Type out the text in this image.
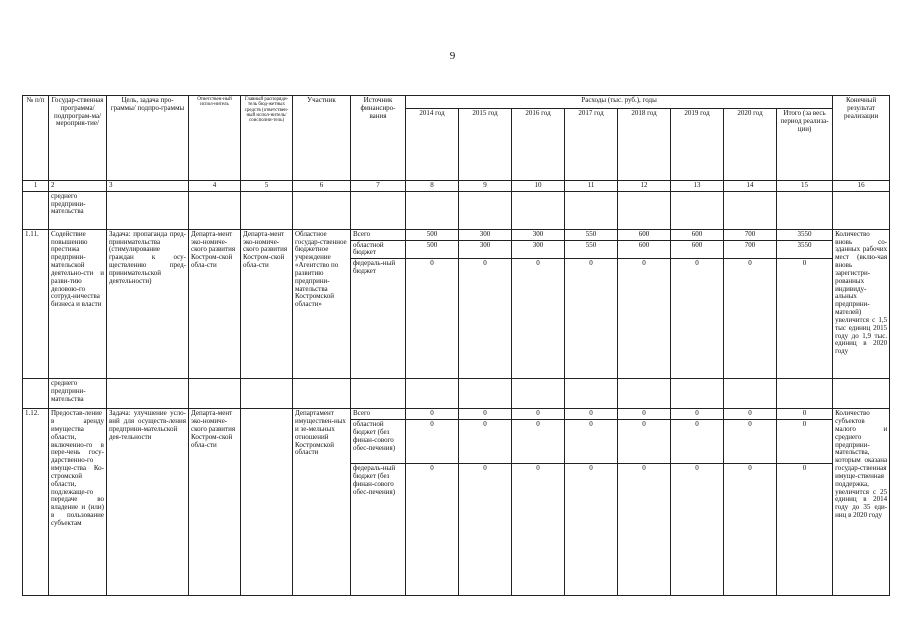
9
№ п/п	Государ-ственная программа/ подпрограм-ма/ мероприя-тие/	Цель, задача про-граммы/ подпро-граммы	Ответствен-ный испол-нитель	Главный распоряди-тель бюд-жетных средств (ответствен-ный испол-нитель/ соисполни-тель)	Участник	Источник финансиро-вания	Расходы (тыс. руб.), годы								Конечный результат реализации
							2014 год	2015 год	2016 год	2017 год	2018 год	2019 год	2020 год	Итого (за весь период реализа-ции)	
1	2	3	4	5	6	7	8	9	10	11	12	13	14	15	16
	среднего предприни-мательства														
1.11.	Содействие повышению престижа предприни-мательской деятельно-сти и разви-тию деловою-го сотруд-ничества бизнеса и власти	Задача: пропаганда пред-принимательства (стимулирование граждан к осу-ществлению пред-принимательской деятельности)	Департа-мент эко-номиче-ского развития Костром-ской обла-сти	Департа-мент эко-номиче-ского развития Костром-ской обла-сти	Областное государ-ственное бюджетное учреждение «Агентство по развитию предприни-мательства Костромской области»	Всего	500	300	300	550	600	600	700	3550	Количество вновь со-зданных рабочих мест (вклю-чая вновь зарегистри-рованных индивиду-альных предприни-мателей) увеличится с 1,5 тыс единиц 2015 году до 1,9 тыс. единиц в 2020 году
						областной бюджет	500	300	300	550	600	600	700	3550	
						федераль-ный бюджет	0	0	0	0	0	0	0	0	
	среднего предприни-мательства														
1.12.	Предостав-ление в аренду имущества области, включенно-го в пере-чень госу-дарственно-го имуще-ства Ко-стромской области, подлежаще-го передаче во владение и (или) в пользование субъектам	Задача: улучшение усло-вий для осуществ-ления предприни-мательской дея-тельности	Департа-мент эко-номиче-ского развития Костром-ской обла-сти		Департамент имуществен-ных и зе-мельных отношений Костромской области	Всего	0	0	0	0	0	0	0	0	Количество субъектов малого и среднего предприни-мательства, которым оказана государ-ственная имуще-ственная поддержка, увеличится с 25 единиц в 2014 году до 35 еди-ниц в 2020 году
						областной бюджет (без финан-сового обес-печения)	0	0	0	0	0	0	0	0	
						федераль-ный бюджет (без финан-сового обес-печения)	0	0	0	0	0	0	0	0	
